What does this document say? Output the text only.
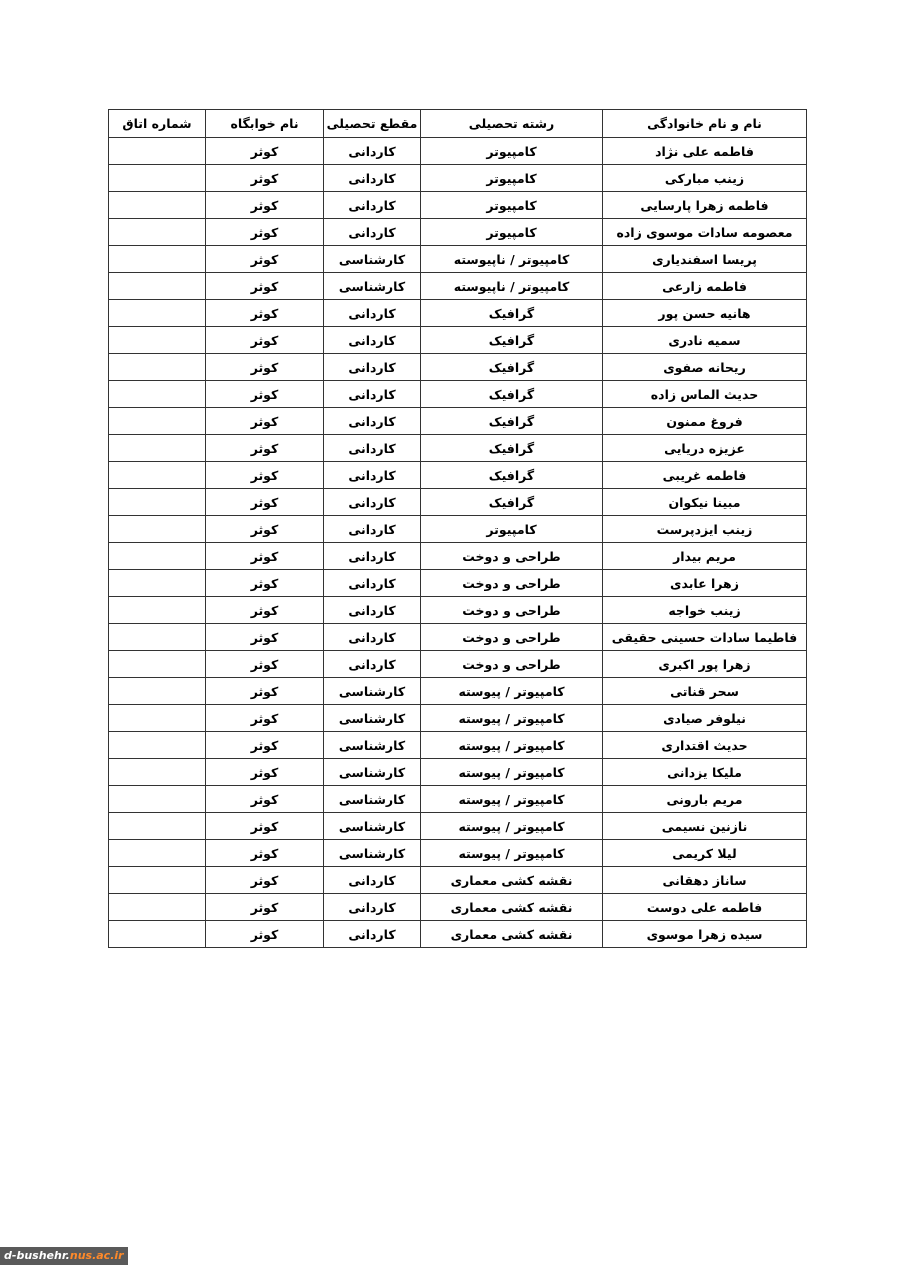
نام و نام خانوادگی	رشته تحصیلی	مقطع تحصیلی	نام خوابگاه	شماره اتاق
فاطمه علی نژاد	کامپیوتر	کاردانی	کوثر	
زینب مبارکی	کامپیوتر	کاردانی	کوثر	
فاطمه زهرا پارسایی	کامپیوتر	کاردانی	کوثر	
معصومه سادات موسوی زاده	کامپیوتر	کاردانی	کوثر	
پریسا اسفندیاری	کامپیوتر / ناپیوسته	کارشناسی	کوثر	
فاطمه زارعی	کامپیوتر / ناپیوسته	کارشناسی	کوثر	
هانیه حسن پور	گرافیک	کاردانی	کوثر	
سمیه نادری	گرافیک	کاردانی	کوثر	
ریحانه صفوی	گرافیک	کاردانی	کوثر	
حدیث الماس زاده	گرافیک	کاردانی	کوثر	
فروغ ممنون	گرافیک	کاردانی	کوثر	
عزیزه دریایی	گرافیک	کاردانی	کوثر	
فاطمه غریبی	گرافیک	کاردانی	کوثر	
مبینا نیکوان	گرافیک	کاردانی	کوثر	
زینب ایزدپرست	کامپیوتر	کاردانی	کوثر	
مریم بیدار	طراحی و دوخت	کاردانی	کوثر	
زهرا عابدی	طراحی و دوخت	کاردانی	کوثر	
زینب خواجه	طراحی و دوخت	کاردانی	کوثر	
فاطیما سادات حسینی حقیقی	طراحی و دوخت	کاردانی	کوثر	
زهرا پور اکبری	طراحی و دوخت	کاردانی	کوثر	
سحر قناتی	کامپیوتر / پیوسته	کارشناسی	کوثر	
نیلوفر صیادی	کامپیوتر / پیوسته	کارشناسی	کوثر	
حدیث اقتداری	کامپیوتر / پیوسته	کارشناسی	کوثر	
ملیکا یزدانی	کامپیوتر / پیوسته	کارشناسی	کوثر	
مریم بارونی	کامپیوتر / پیوسته	کارشناسی	کوثر	
نازنین نسیمی	کامپیوتر / پیوسته	کارشناسی	کوثر	
لیلا کریمی	کامپیوتر / پیوسته	کارشناسی	کوثر	
ساناز دهقانی	نقشه کشی معماری	کاردانی	کوثر	
فاطمه علی دوست	نقشه کشی معماری	کاردانی	کوثر	
سیده زهرا موسوی	نقشه کشی معماری	کاردانی	کوثر	
d-bushehr.nus.ac.ir
